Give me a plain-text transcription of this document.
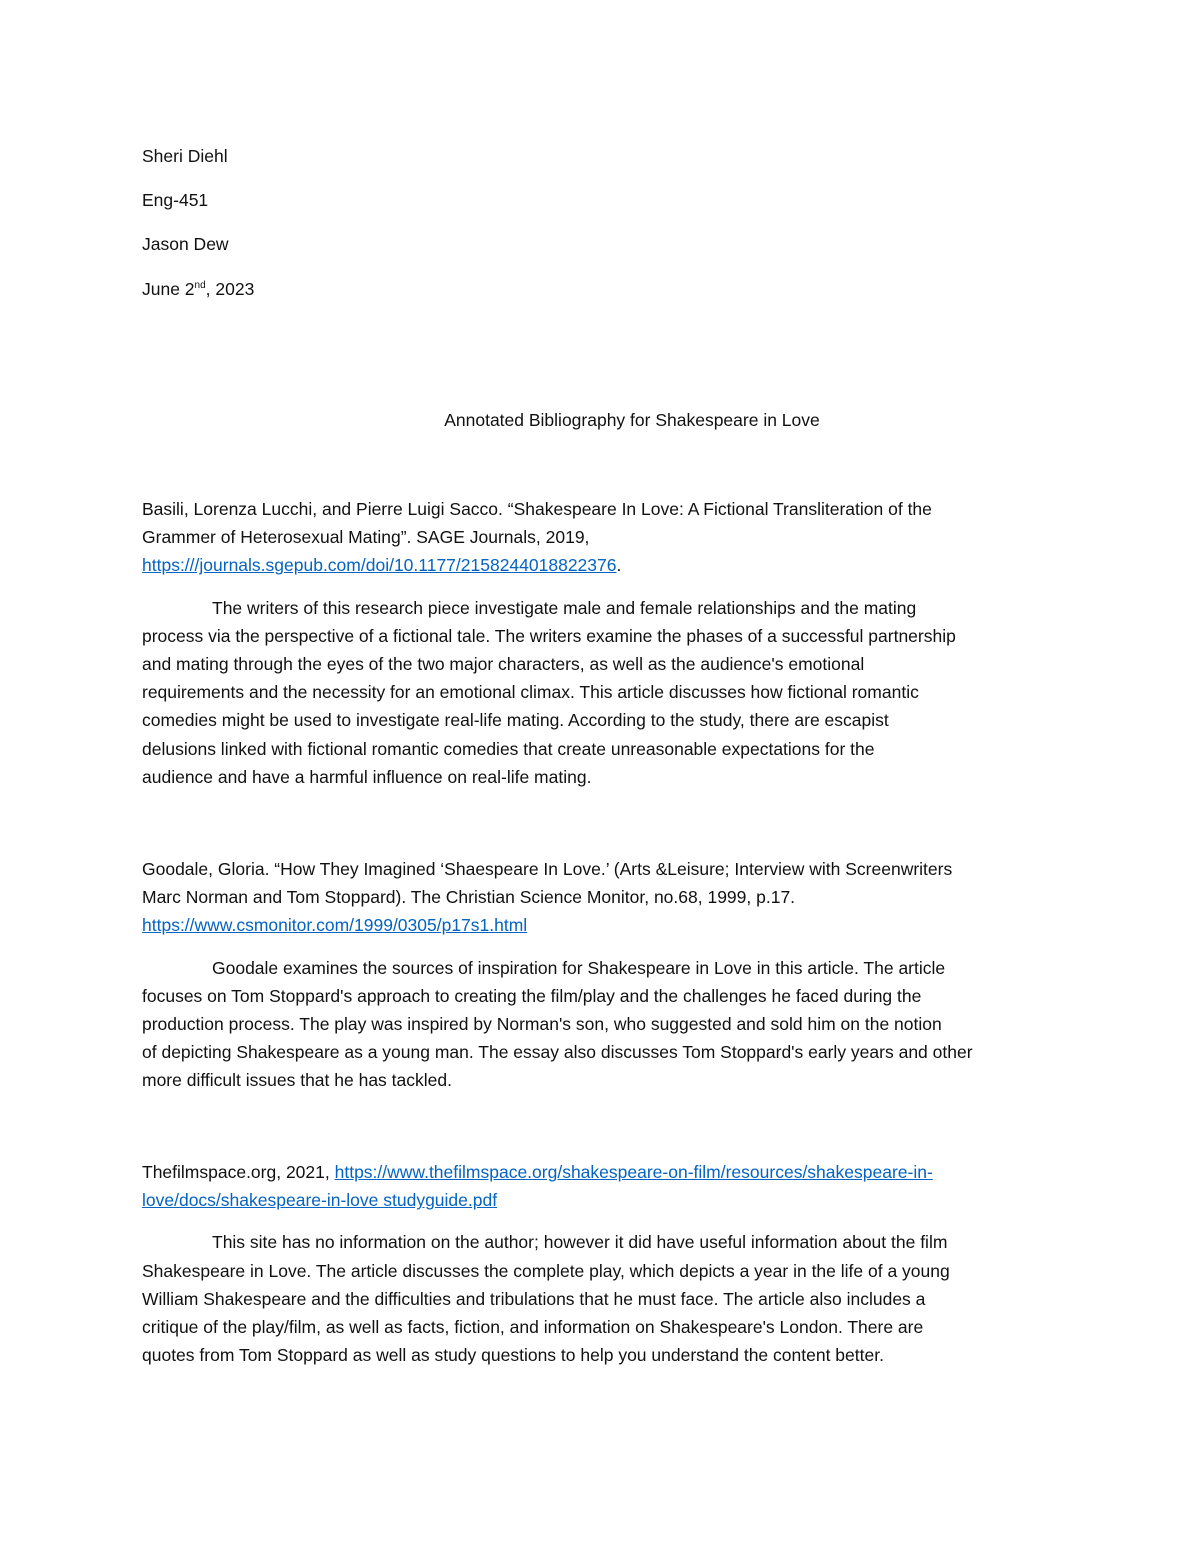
Sheri Diehl

Eng-451

Jason Dew

June 2nd, 2023

Annotated Bibliography for Shakespeare in Love

Basili, Lorenza Lucchi, and Pierre Luigi Sacco. “Shakespeare In Love: A Fictional Transliteration of the
Grammer of Heterosexual Mating”. SAGE Journals, 2019,
https:///journals.sgepub.com/doi/10.1177/2158244018822376.
The writers of this research piece investigate male and female relationships and the mating
process via the perspective of a fictional tale. The writers examine the phases of a successful partnership
and mating through the eyes of the two major characters, as well as the audience's emotional
requirements and the necessity for an emotional climax. This article discusses how fictional romantic
comedies might be used to investigate real-life mating. According to the study, there are escapist
delusions linked with fictional romantic comedies that create unreasonable expectations for the
audience and have a harmful influence on real-life mating.
Goodale, Gloria. “How They Imagined ‘Shaespeare In Love.’ (Arts &Leisure; Interview with Screenwriters
Marc Norman and Tom Stoppard). The Christian Science Monitor, no.68, 1999, p.17.
https://www.csmonitor.com/1999/0305/p17s1.html
Goodale examines the sources of inspiration for Shakespeare in Love in this article. The article
focuses on Tom Stoppard's approach to creating the film/play and the challenges he faced during the
production process. The play was inspired by Norman's son, who suggested and sold him on the notion
of depicting Shakespeare as a young man. The essay also discusses Tom Stoppard's early years and other
more difficult issues that he has tackled.
Thefilmspace.org, 2021, https://www.thefilmspace.org/shakespeare-on-film/resources/shakespeare-in-
love/docs/shakespeare-in-love studyguide.pdf
This site has no information on the author; however it did have useful information about the film
Shakespeare in Love. The article discusses the complete play, which depicts a year in the life of a young
William Shakespeare and the difficulties and tribulations that he must face. The article also includes a
critique of the play/film, as well as facts, fiction, and information on Shakespeare's London. There are
quotes from Tom Stoppard as well as study questions to help you understand the content better.
